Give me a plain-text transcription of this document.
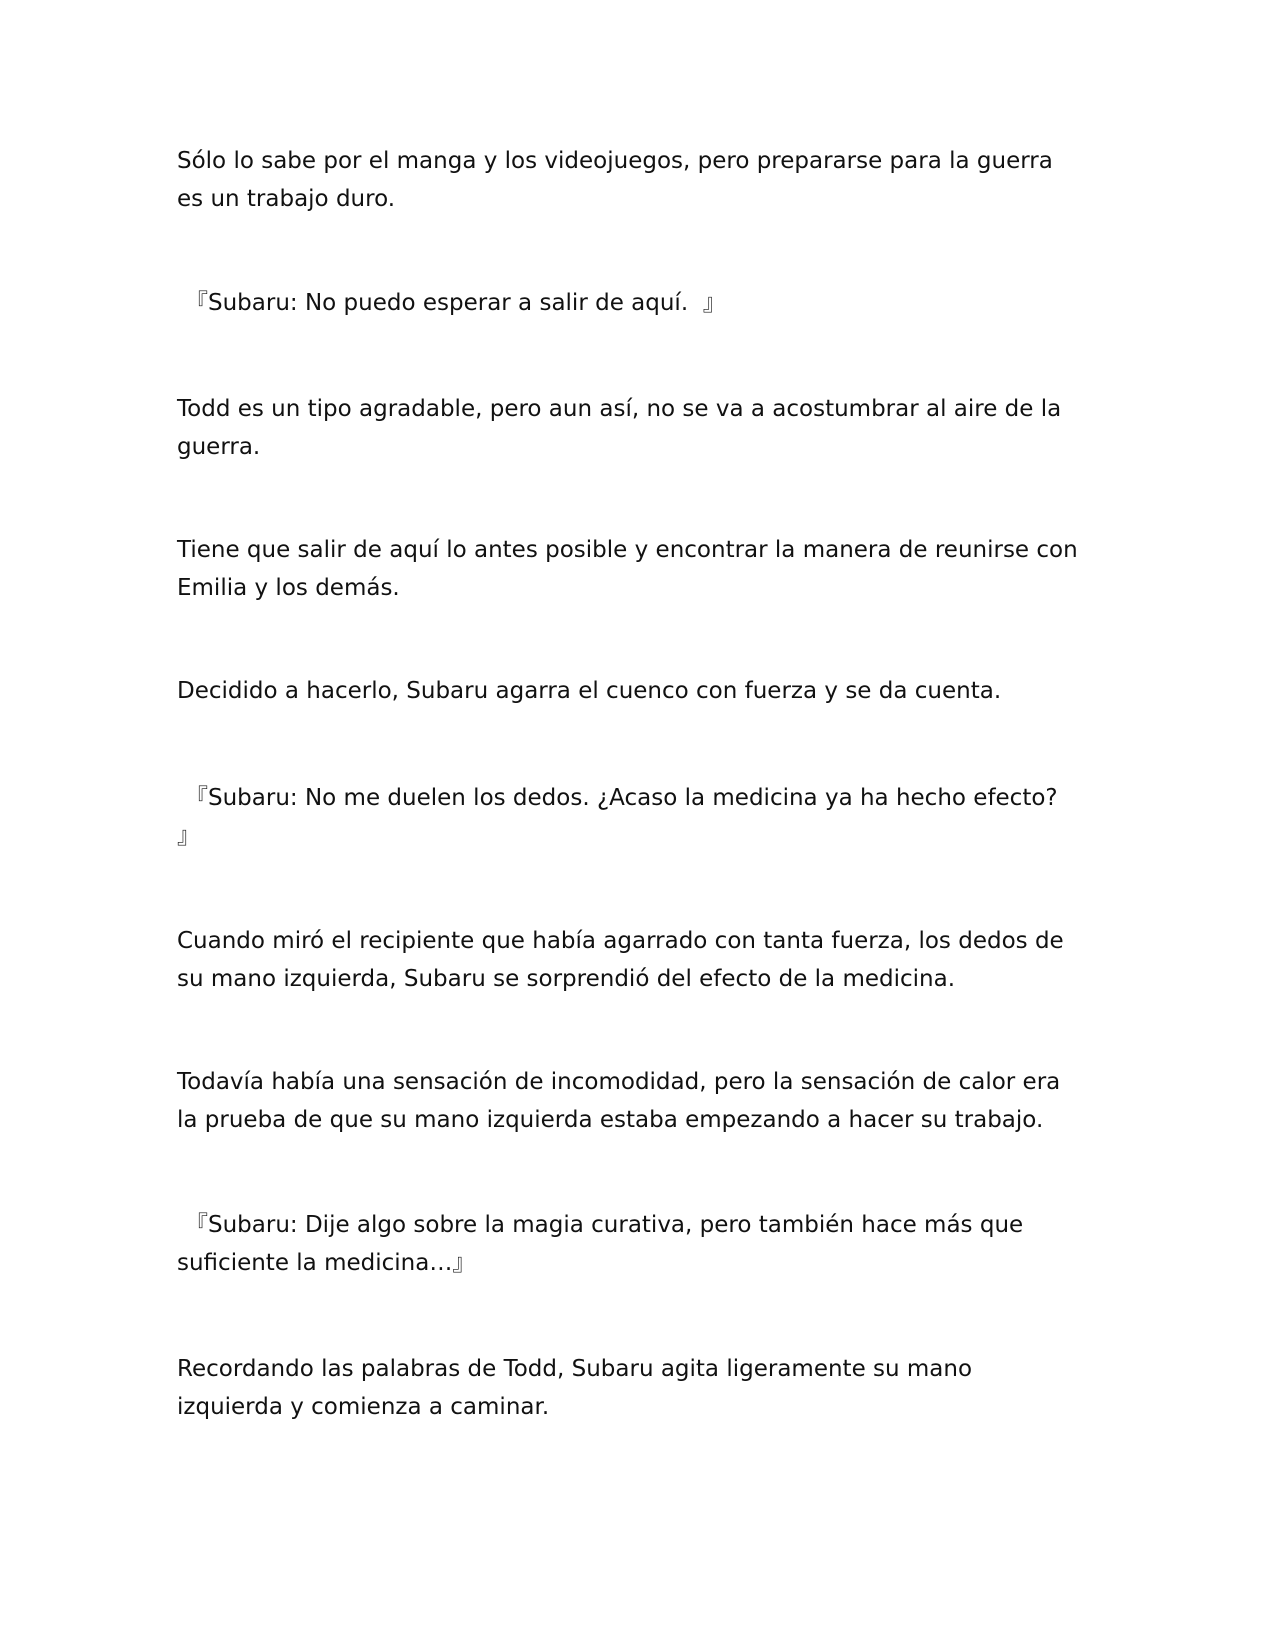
Sólo lo sabe por el manga y los videojuegos, pero prepararse para la guerra
es un trabajo duro.

『Subaru: No puedo esperar a salir de aquí.  』

Todd es un tipo agradable, pero aun así, no se va a acostumbrar al aire de la
guerra.

Tiene que salir de aquí lo antes posible y encontrar la manera de reunirse con
Emilia y los demás.

Decidido a hacerlo, Subaru agarra el cuenco con fuerza y se da cuenta.

『Subaru: No me duelen los dedos. ¿Acaso la medicina ya ha hecho efecto?
』

Cuando miró el recipiente que había agarrado con tanta fuerza, los dedos de
su mano izquierda, Subaru se sorprendió del efecto de la medicina.

Todavía había una sensación de incomodidad, pero la sensación de calor era
la prueba de que su mano izquierda estaba empezando a hacer su trabajo.

『Subaru: Dije algo sobre la magia curativa, pero también hace más que
suficiente la medicina…』

Recordando las palabras de Todd, Subaru agita ligeramente su mano
izquierda y comienza a caminar.
